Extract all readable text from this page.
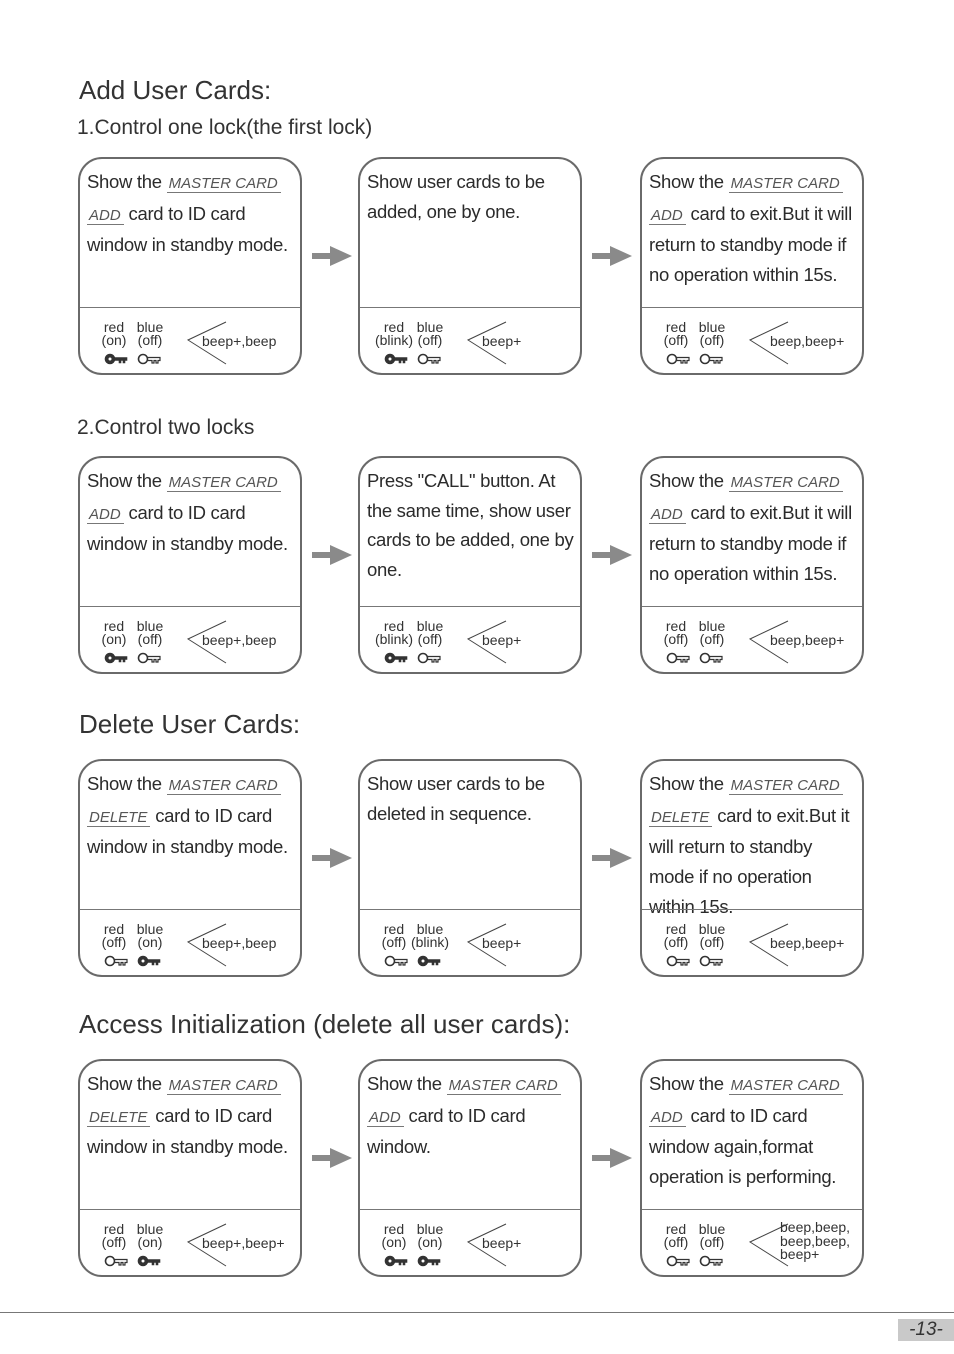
Add User Cards:
1.Control one lock(the first lock)
2.Control two locks
Delete User Cards:
Access Initialization (delete all user cards):
Show the MASTER CARD ADD card to ID card window in standby mode.
red blue
(on) (off)	beep+,beep
Show user cards to be added, one by one.
red blue
(blink) (off)	beep+
Show the MASTER CARD ADD card to exit.But it will return to standby mode if no operation within 15s.
red blue
(off) (off)	beep,beep+
Show the MASTER CARD ADD card to ID card window in standby mode.
red blue
(on) (off)	beep+,beep
Press "CALL" button. At the same time, show user cards to be added, one by one.
red blue
(blink) (off)	beep+
Show the MASTER CARD ADD card to exit.But it will return to standby mode if no operation within 15s.
red blue
(off) (off)	beep,beep+
Show the MASTER CARD DELETE card to ID card window in standby mode.
red blue
(off) (on)	beep+,beep
Show user cards to be deleted in sequence.
red blue
(off) (blink) beep+
Show the MASTER CARD DELETE card to exit.But it will return to standby mode if no operation within 15s.
red blue
(off) (off)	beep,beep+
Show the MASTER CARD DELETE card to ID card window in standby mode.
red blue
(off) (on)	beep+,beep+
Show the MASTER CARD ADD card to ID card window.
red blue
(on) (on)	beep+
Show the MASTER CARD ADD card to ID card window again,format operation is performing.
red blue
(off) (off)
beep,beep,
beep,beep,
beep+
-13-
